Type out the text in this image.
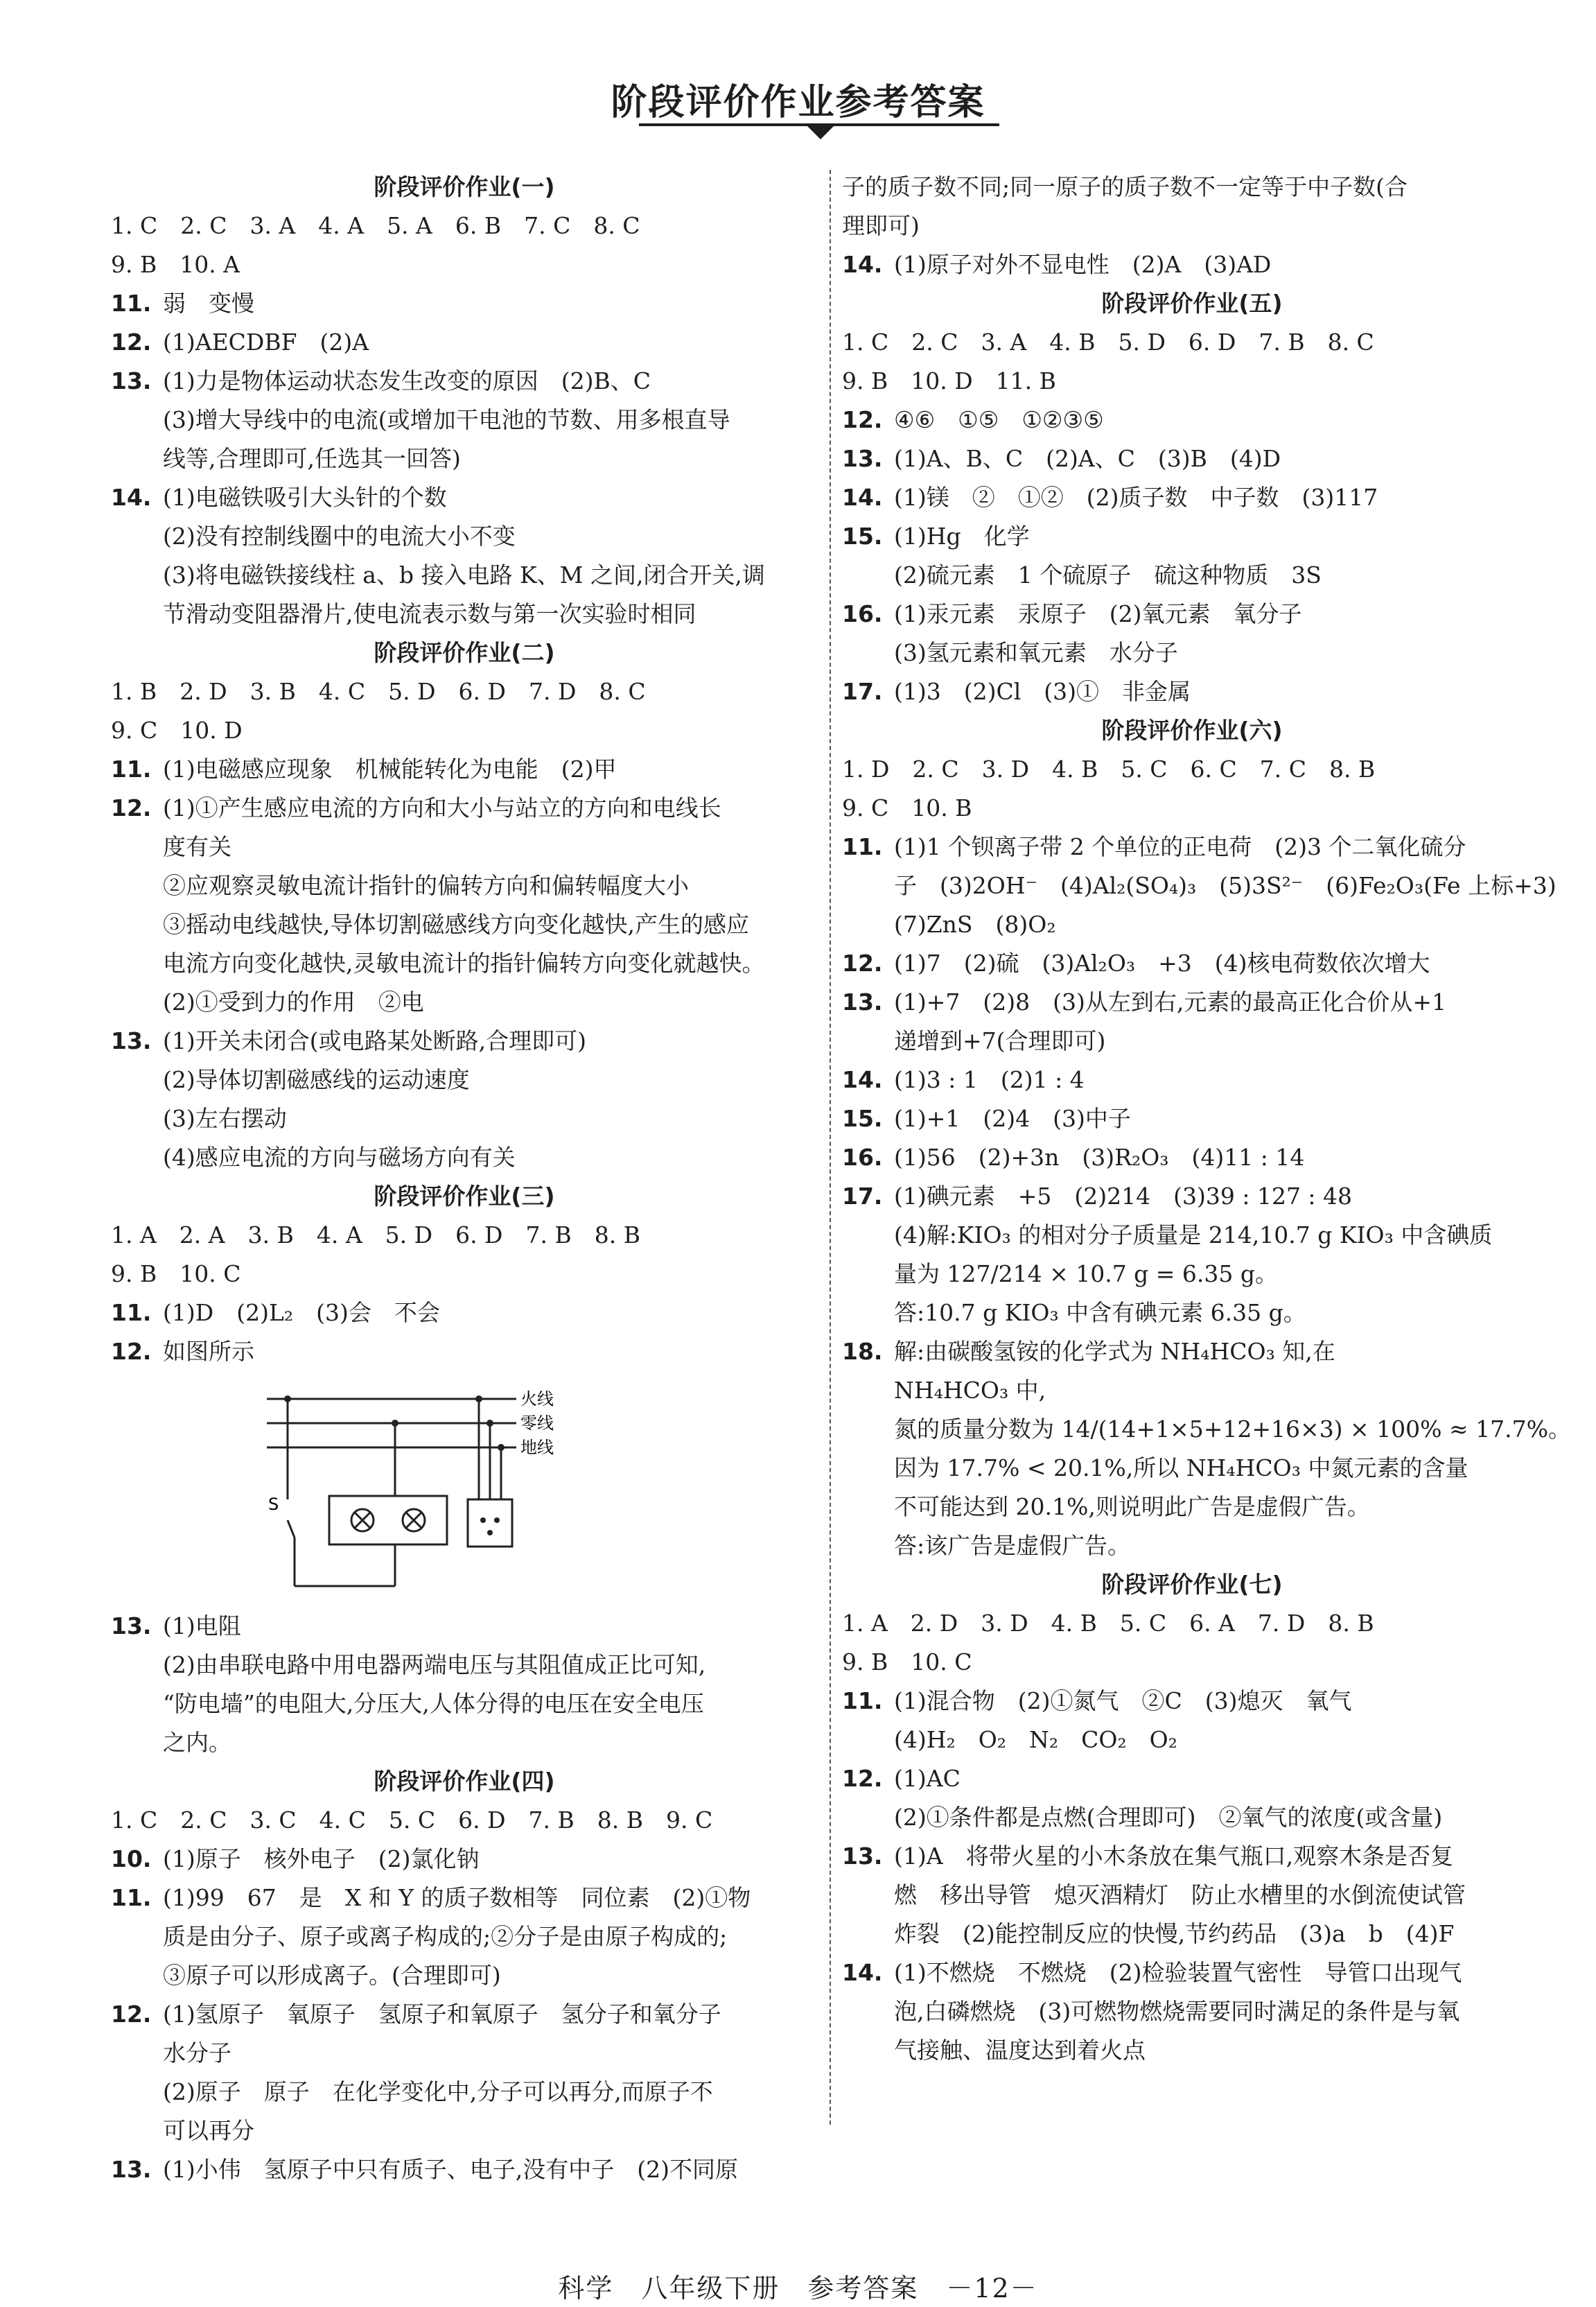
阶段评价作业参考答案
阶段评价作业(一)
1. C　2. C　3. A　4. A　5. A　6. B　7. C　8. C
9. B　10. A
11. 弱　变慢
12. (1)AECDBF　(2)A
13. (1)力是物体运动状态发生改变的原因　(2)B、C
(3)增大导线中的电流(或增加干电池的节数、用多根直导
线等,合理即可,任选其一回答)
14. (1)电磁铁吸引大头针的个数
(2)没有控制线圈中的电流大小不变
(3)将电磁铁接线柱 a、b 接入电路 K、M 之间,闭合开关,调
节滑动变阻器滑片,使电流表示数与第一次实验时相同
阶段评价作业(二)
1. B　2. D　3. B　4. C　5. D　6. D　7. D　8. C
9. C　10. D
11. (1)电磁感应现象　机械能转化为电能　(2)甲
12. (1)①产生感应电流的方向和大小与站立的方向和电线长
度有关
②应观察灵敏电流计指针的偏转方向和偏转幅度大小
③摇动电线越快,导体切割磁感线方向变化越快,产生的感应
电流方向变化越快,灵敏电流计的指针偏转方向变化就越快。
(2)①受到力的作用　②电
13. (1)开关未闭合(或电路某处断路,合理即可)
(2)导体切割磁感线的运动速度
(3)左右摆动
(4)感应电流的方向与磁场方向有关
阶段评价作业(三)
1. A　2. A　3. B　4. A　5. D　6. D　7. B　8. B
9. B　10. C
11. (1)D　(2)L₂　(3)会　不会
12. 如图所示
火线
零线
地线
S
13. (1)电阻
(2)由串联电路中用电器两端电压与其阻值成正比可知,
“防电墙”的电阻大,分压大,人体分得的电压在安全电压
之内。
阶段评价作业(四)
1. C　2. C　3. C　4. C　5. C　6. D　7. B　8. B　9. C
10. (1)原子　核外电子　(2)氯化钠
11. (1)99　67　是　X 和 Y 的质子数相等　同位素　(2)①物
质是由分子、原子或离子构成的;②分子是由原子构成的;
③原子可以形成离子。(合理即可)
12. (1)氢原子　氧原子　氢原子和氧原子　氢分子和氧分子
水分子
(2)原子　原子　在化学变化中,分子可以再分,而原子不
可以再分
13. (1)小伟　氢原子中只有质子、电子,没有中子　(2)不同原
子的质子数不同;同一原子的质子数不一定等于中子数(合
理即可)
14. (1)原子对外不显电性　(2)A　(3)AD
阶段评价作业(五)
1. C　2. C　3. A　4. B　5. D　6. D　7. B　8. C
9. B　10. D　11. B
12. ④⑥　①⑤　①②③⑤
13. (1)A、B、C　(2)A、C　(3)B　(4)D
14. (1)镁　②　①②　(2)质子数　中子数　(3)117
15. (1)Hg　化学
(2)硫元素　1 个硫原子　硫这种物质　3S
16. (1)汞元素　汞原子　(2)氧元素　氧分子
(3)氢元素和氧元素　水分子
17. (1)3　(2)Cl　(3)①　非金属
阶段评价作业(六)
1. D　2. C　3. D　4. B　5. C　6. C　7. C　8. B
9. C　10. B
11. (1)1 个钡离子带 2 个单位的正电荷　(2)3 个二氧化硫分
子　(3)2OH⁻　(4)Al₂(SO₄)₃　(5)3S²⁻　(6)Fe₂O₃(Fe 上标+3)
(7)ZnS　(8)O₂
12. (1)7　(2)硫　(3)Al₂O₃　+3　(4)核电荷数依次增大
13. (1)+7　(2)8　(3)从左到右,元素的最高正化合价从+1
递增到+7(合理即可)
14. (1)3 : 1　(2)1 : 4
15. (1)+1　(2)4　(3)中子
16. (1)56　(2)+3n　(3)R₂O₃　(4)11 : 14
17. (1)碘元素　+5　(2)214　(3)39 : 127 : 48
(4)解:KIO₃ 的相对分子质量是 214,10.7 g KIO₃ 中含碘质
量为 127/214 × 10.7 g = 6.35 g。
答:10.7 g KIO₃ 中含有碘元素 6.35 g。
18. 解:由碳酸氢铵的化学式为 NH₄HCO₃ 知,在
NH₄HCO₃ 中,
氮的质量分数为 14/(14+1×5+12+16×3) × 100% ≈ 17.7%。
因为 17.7% < 20.1%,所以 NH₄HCO₃ 中氮元素的含量
不可能达到 20.1%,则说明此广告是虚假广告。
答:该广告是虚假广告。
阶段评价作业(七)
1. A　2. D　3. D　4. B　5. C　6. A　7. D　8. B
9. B　10. C
11. (1)混合物　(2)①氮气　②C　(3)熄灭　氧气
(4)H₂　O₂　N₂　CO₂　O₂
12. (1)AC
(2)①条件都是点燃(合理即可)　②氧气的浓度(或含量)
13. (1)A　将带火星的小木条放在集气瓶口,观察木条是否复
燃　移出导管　熄灭酒精灯　防止水槽里的水倒流使试管
炸裂　(2)能控制反应的快慢,节约药品　(3)a　b　(4)F
14. (1)不燃烧　不燃烧　(2)检验装置气密性　导管口出现气
泡,白磷燃烧　(3)可燃物燃烧需要同时满足的条件是与氧
气接触、温度达到着火点
科学　八年级下册　参考答案　－12－
